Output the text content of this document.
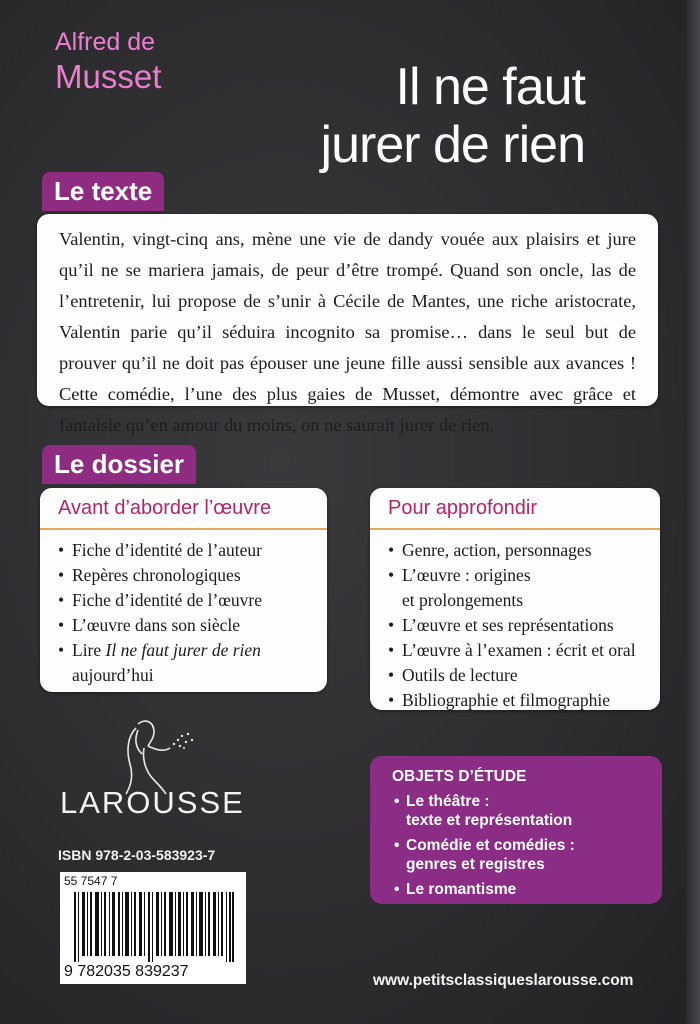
Alfred de
Musset	Il ne faut
jurer de rien
Le texte
Valentin, vingt-cinq ans, mène une vie de dandy vouée aux plaisirs et jure qu’il ne se mariera jamais, de peur d’être trompé. Quand son oncle, las de l’entretenir, lui propose de s’unir à Cécile de Mantes, une riche aristocrate, Valentin parie qu’il séduira incognito sa promise… dans le seul but de prouver qu’il ne doit pas épouser une jeune fille aussi sensible aux avances ! Cette comédie, l’une des plus gaies de Musset, démontre avec grâce et fantaisie qu’en amour du moins, on ne saurait jurer de rien.
Le dossier
Avant d’aborder l’œuvre
• Fiche d’identité de l’auteur
• Repères chronologiques
• Fiche d’identité de l’œuvre
• L’œuvre dans son siècle
• Lire Il ne faut jurer de rien
aujourd’hui
Pour approfondir
• Genre, action, personnages
• L’œuvre : origines
et prolongements
• L’œuvre et ses représentations
• L’œuvre à l’examen : écrit et oral
• Outils de lecture
• Bibliographie et filmographie
LAROUSSE
ISBN 978-2-03-583923-7
55 7547 7
9 782035 839237
OBJETS D’ÉTUDE
• Le théâtre :
texte et représentation
• Comédie et comédies :
genres et registres
• Le romantisme
www.petitsclassiqueslarousse.com
